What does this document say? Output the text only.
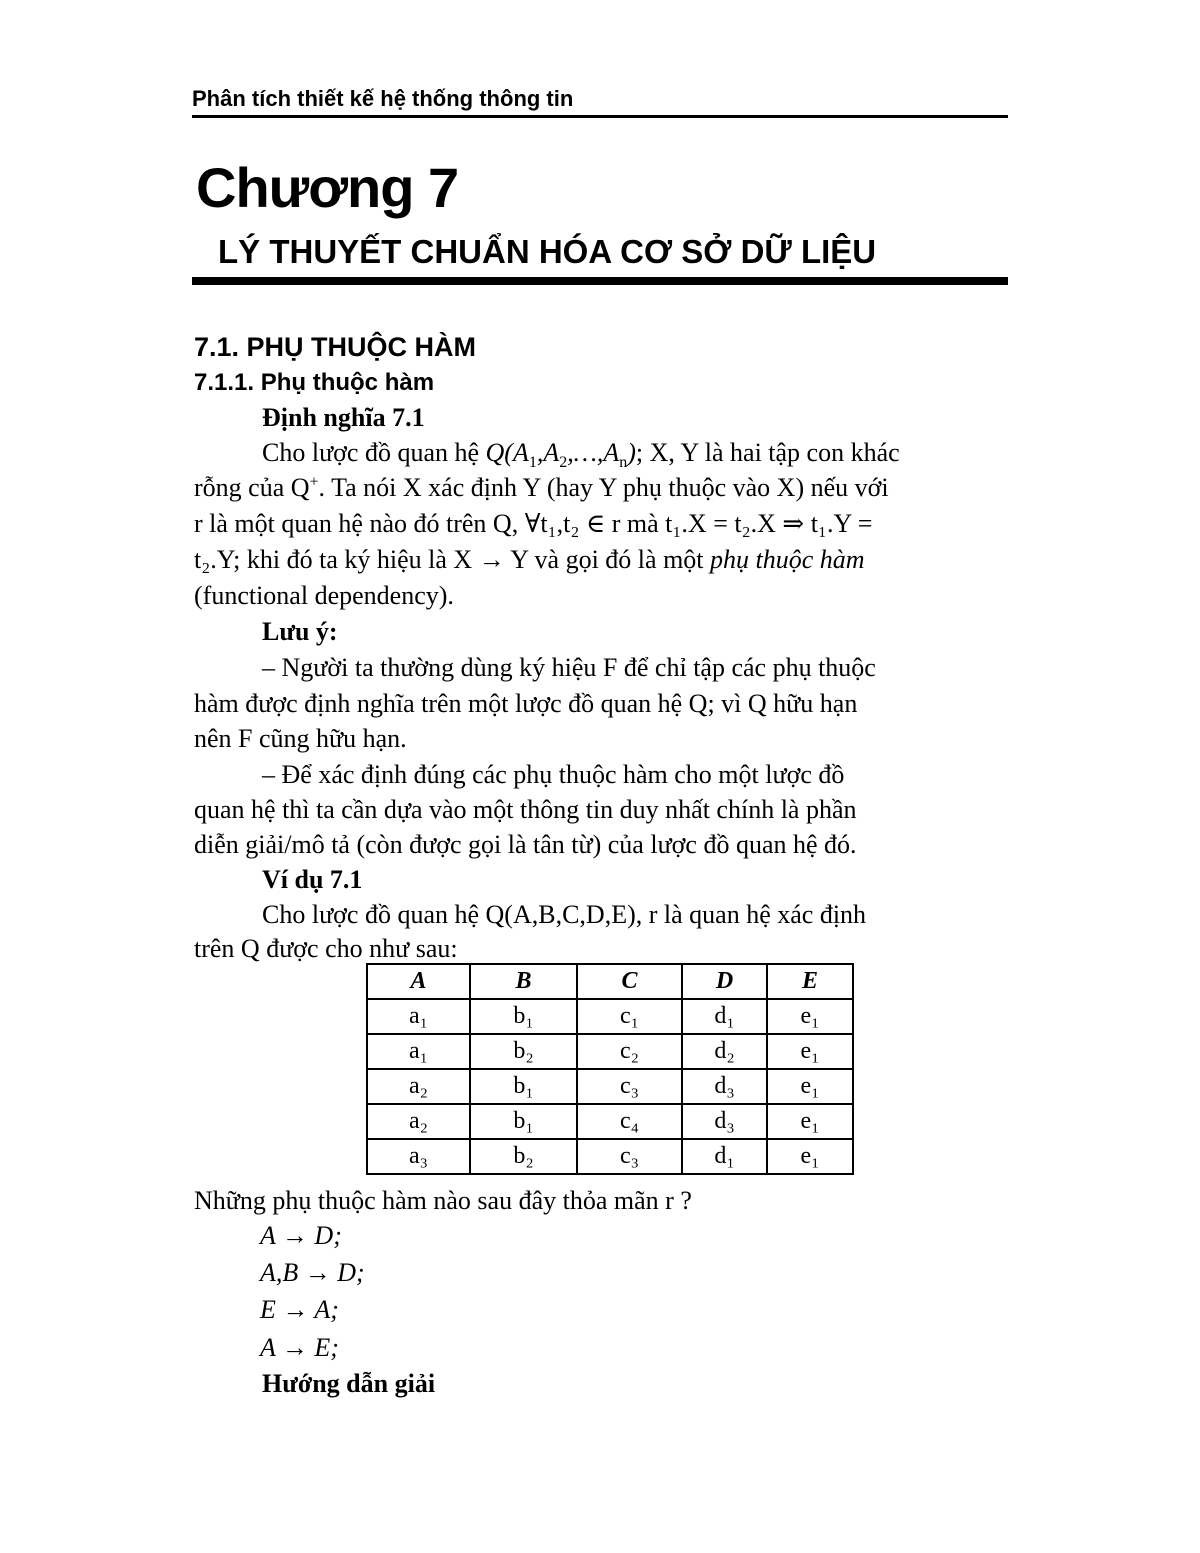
Phân tích thiết kế hệ thống thông tin
Chương 7
LÝ THUYẾT CHUẨN HÓA CƠ SỞ DỮ LIỆU
7.1. PHỤ THUỘC HÀM
7.1.1. Phụ thuộc hàm
Định nghĩa 7.1
Cho lược đồ quan hệ $Q(A_1,A_2,\dots,A_n)$; X, Y là hai tập con khác
rỗng của Q+. Ta nói X xác định Y (hay Y phụ thuộc vào X) nếu với
r là một quan hệ nào đó trên Q, ∀t₁,t₂ ∈ r mà t₁.X = t₂.X ⇒ t₁.Y =
t₂.Y; khi đó ta ký hiệu là X → Y và gọi đó là một phụ thuộc hàm
(functional dependency).
Lưu ý:
– Người ta thường dùng ký hiệu F để chỉ tập các phụ thuộc
hàm được định nghĩa trên một lược đồ quan hệ Q; vì Q hữu hạn
nên F cũng hữu hạn.
– Để xác định đúng các phụ thuộc hàm cho một lược đồ
quan hệ thì ta cần dựa vào một thông tin duy nhất chính là phần
diễn giải/mô tả (còn được gọi là tân từ) của lược đồ quan hệ đó.
Ví dụ 7.1
Cho lược đồ quan hệ Q(A,B,C,D,E), r là quan hệ xác định
trên Q được cho như sau:
A	B	C	D	E
a₁	b₁	c₁	d₁	e₁
a₁	b₂	c₂	d₂	e₁
a₂	b₁	c₃	d₃	e₁
a₂	b₁	c₄	d₃	e₁
a₃	b₂	c₃	d₁	e₁
Những phụ thuộc hàm nào sau đây thỏa mãn r ?
A → D;
A,B → D;
E → A;
A → E;
Hướng dẫn giải
